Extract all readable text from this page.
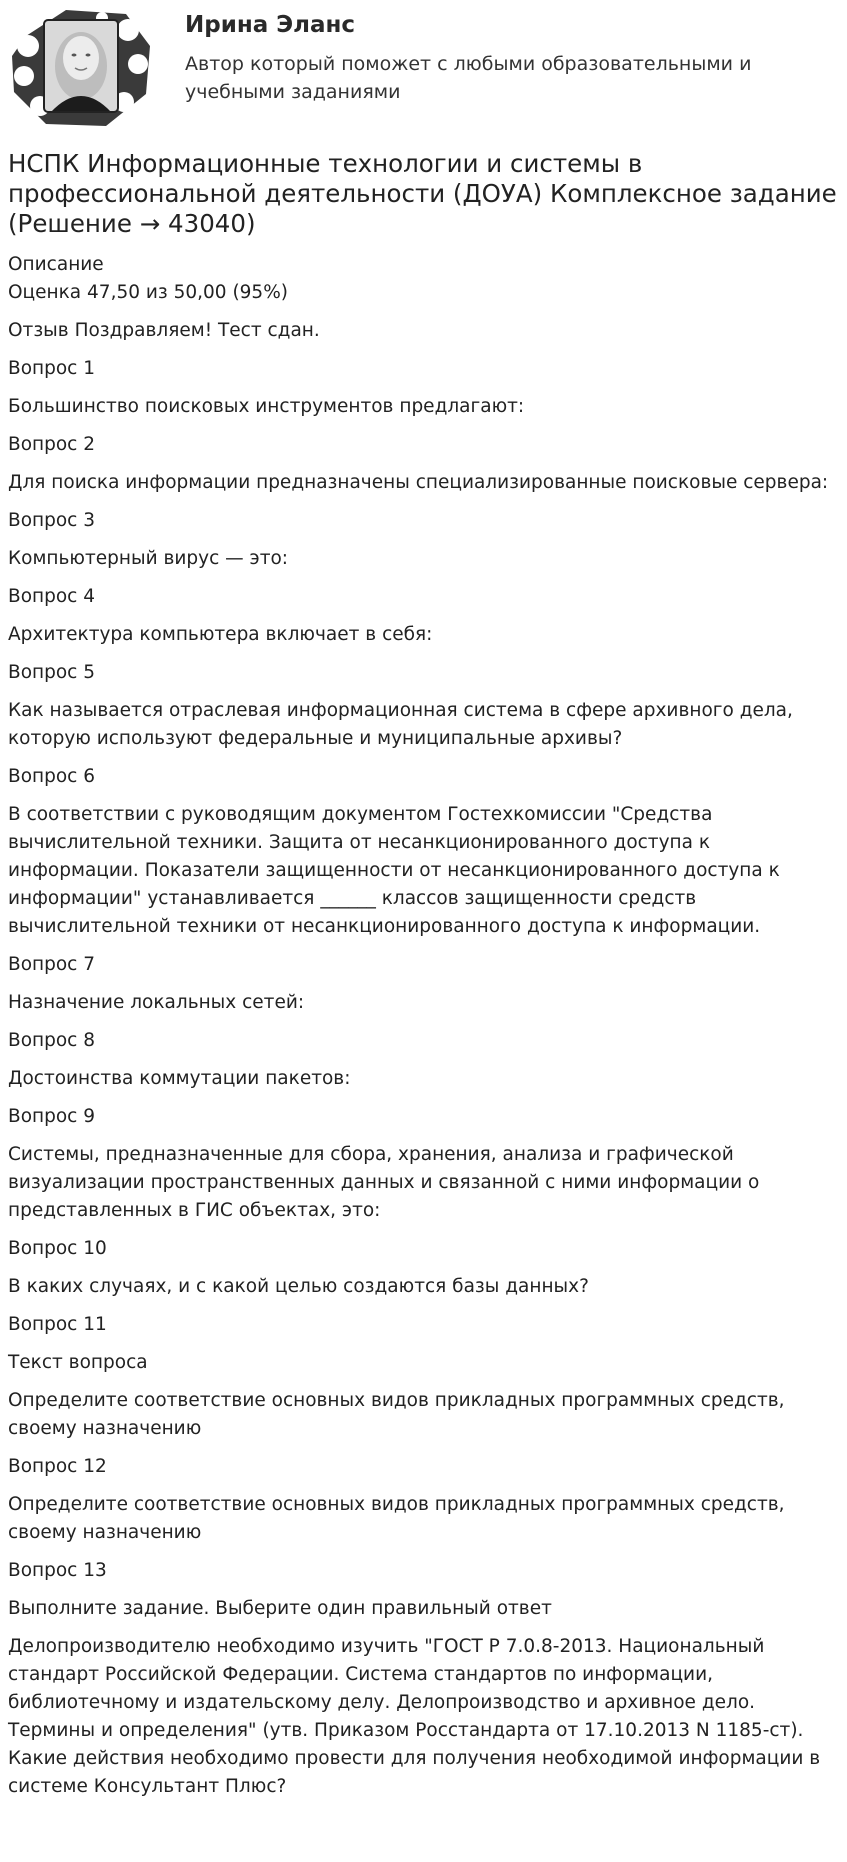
Ирина Эланс
Автор который поможет с любыми образовательными и учебными заданиями
НСПК Информационные технологии и системы в профессиональной деятельности (ДОУА) Комплексное задание (Решение → 43040)
Описание
Оценка 47,50 из 50,00 (95%)
Отзыв Поздравляем! Тест сдан.
Вопрос 1
Большинство поисковых инструментов предлагают:
Вопрос 2
Для поиска информации предназначены специализированные поисковые сервера:
Вопрос 3
Компьютерный вирус — это:
Вопрос 4
Архитектура компьютера включает в себя:
Вопрос 5
Как называется отраслевая информационная система в сфере архивного дела, которую используют федеральные и муниципальные архивы?
Вопрос 6
В соответствии с руководящим документом Гостехкомиссии "Средства вычислительной техники. Защита от несанкционированного доступа к информации. Показатели защищенности от несанкционированного доступа к информации" устанавливается ______ классов защищенности средств вычислительной техники от несанкционированного доступа к информации.
Вопрос 7
Назначение локальных сетей:
Вопрос 8
Достоинства коммутации пакетов:
Вопрос 9
Системы, предназначенные для сбора, хранения, анализа и графической визуализации пространственных данных и связанной с ними информации о представленных в ГИС объектах, это:
Вопрос 10
В каких случаях, и с какой целью создаются базы данных?
Вопрос 11
Текст вопроса
Определите соответствие основных видов прикладных программных средств, своему назначению
Вопрос 12
Определите соответствие основных видов прикладных программных средств, своему назначению
Вопрос 13
Выполните задание. Выберите один правильный ответ
Делопроизводителю необходимо изучить "ГОСТ Р 7.0.8-2013. Национальный стандарт Российской Федерации. Система стандартов по информации, библиотечному и издательскому делу. Делопроизводство и архивное дело. Термины и определения" (утв. Приказом Росстандарта от 17.10.2013 N 1185-ст). Какие действия необходимо провести для получения необходимой информации в системе Консультант Плюс?
